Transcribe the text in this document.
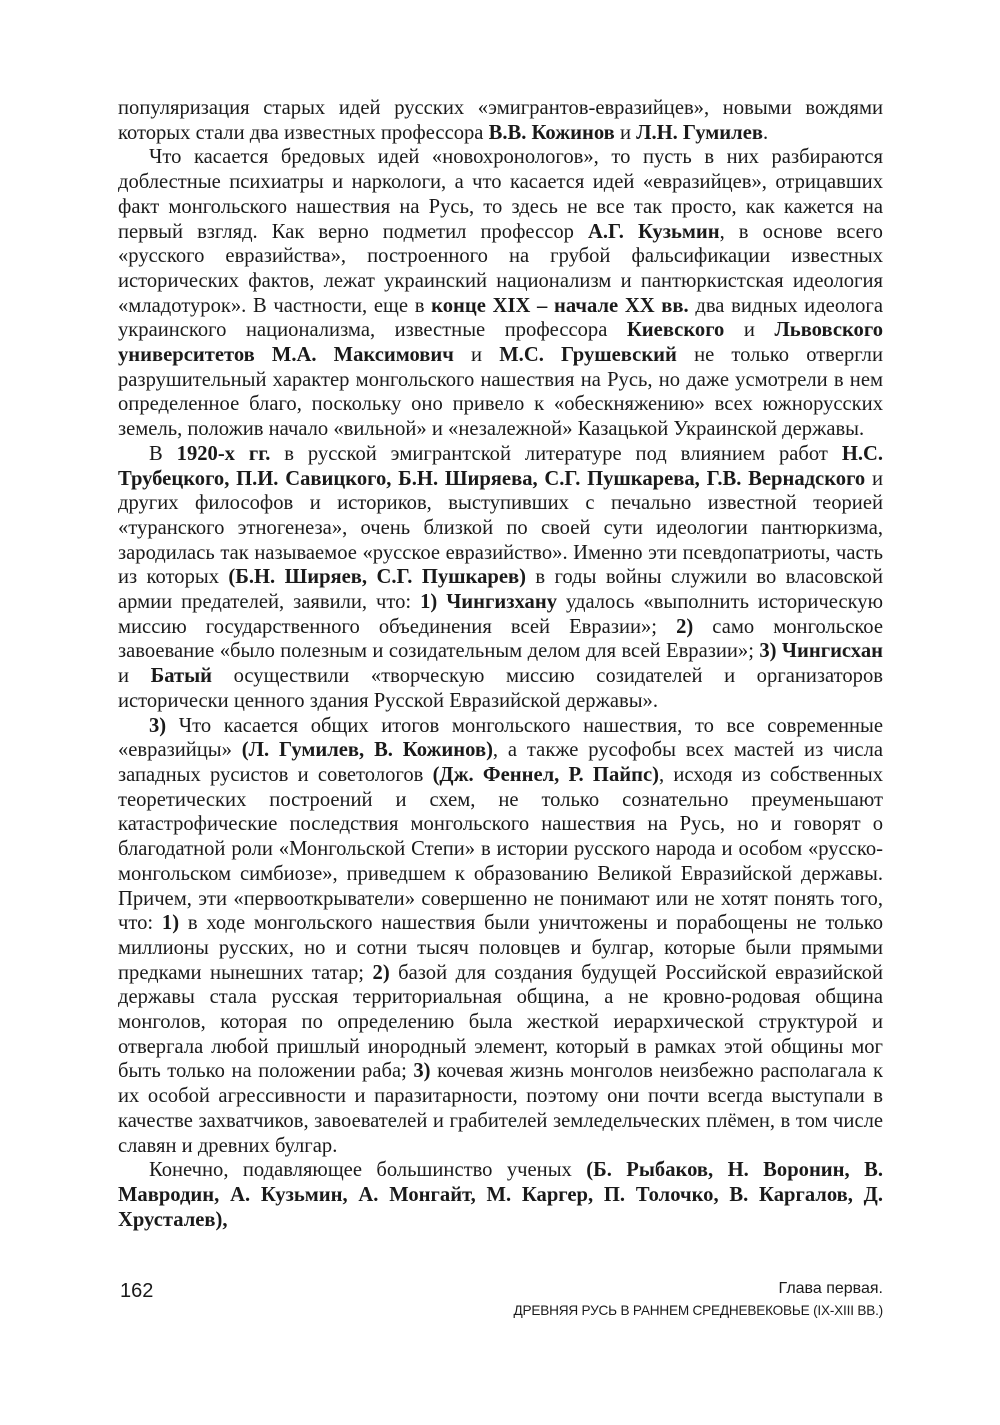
популяризация старых идей русских «эмигрантов-евразийцев», новыми вождями которых стали два известных профессора В.В. Кожинов и Л.Н. Гумилев.

Что касается бредовых идей «новохронологов», то пусть в них разбираются доблестные психиатры и наркологи, а что касается идей «евразийцев», отрицавших факт монгольского нашествия на Русь, то здесь не все так просто, как кажется на первый взгляд. Как верно подметил профессор А.Г. Кузьмин, в основе всего «русского евразийства», построенного на грубой фальсификации известных исторических фактов, лежат украинский национализм и пантюркистская идеология «младотурок». В частности, еще в конце XIX – начале XX вв. два видных идеолога украинского национализма, известные профессора Киевского и Львовского университетов М.А. Максимович и М.С. Грушевский не только отвергли разрушительный характер монгольского нашествия на Русь, но даже усмотрели в нем определенное благо, поскольку оно привело к «обескняжению» всех южнорусских земель, положив начало «вильной» и «незалежной» Казацькой Украинской державы.

В 1920-х гг. в русской эмигрантской литературе под влиянием работ Н.С. Трубецкого, П.И. Савицкого, Б.Н. Ширяева, С.Г. Пушкарева, Г.В. Вернадского и других философов и историков, выступивших с печально известной теорией «туранского этногенеза», очень близкой по своей сути идеологии пантюркизма, зародилась так называемое «русское евразийство». Именно эти псевдопатриоты, часть из которых (Б.Н. Ширяев, С.Г. Пушкарев) в годы войны служили во власовской армии предателей, заявили, что: 1) Чингизхану удалось «выполнить историческую миссию государственного объединения всей Евразии»; 2) само монгольское завоевание «было полезным и созидательным делом для всей Евразии»; 3) Чингисхан и Батый осуществили «творческую миссию созидателей и организаторов исторически ценного здания Русской Евразийской державы».

3) Что касается общих итогов монгольского нашествия, то все современные «евразийцы» (Л. Гумилев, В. Кожинов), а также русофобы всех мастей из числа западных русистов и советологов (Дж. Феннел, Р. Пайпс), исходя из собственных теоретических построений и схем, не только сознательно преуменьшают катастрофические последствия монгольского нашествия на Русь, но и говорят о благодатной роли «Монгольской Степи» в истории русского народа и особом «русско-монгольском симбиозе», приведшем к образованию Великой Евразийской державы. Причем, эти «первооткрыватели» совершенно не понимают или не хотят понять того, что: 1) в ходе монгольского нашествия были уничтожены и порабощены не только миллионы русских, но и сотни тысяч половцев и булгар, которые были прямыми предками нынешних татар; 2) базой для создания будущей Российской евразийской державы стала русская территориальная община, а не кровно-родовая община монголов, которая по определению была жесткой иерархической структурой и отвергала любой пришлый инородный элемент, который в рамках этой общины мог быть только на положении раба; 3) кочевая жизнь монголов неизбежно располагала к их особой агрессивности и паразитарности, поэтому они почти всегда выступали в качестве захватчиков, завоевателей и грабителей земледельческих плёмен, в том числе славян и древних булгар.

Конечно, подавляющее большинство ученых (Б. Рыбаков, Н. Воронин, В. Мавродин, А. Кузьмин, А. Монгайт, М. Каргер, П. Толочко, В. Каргалов, Д. Хрусталев),

162	Глава первая.
ДРЕВНЯЯ РУСЬ В РАННЕМ СРЕДНЕВЕКОВЬЕ (IX-XIII ВВ.)
